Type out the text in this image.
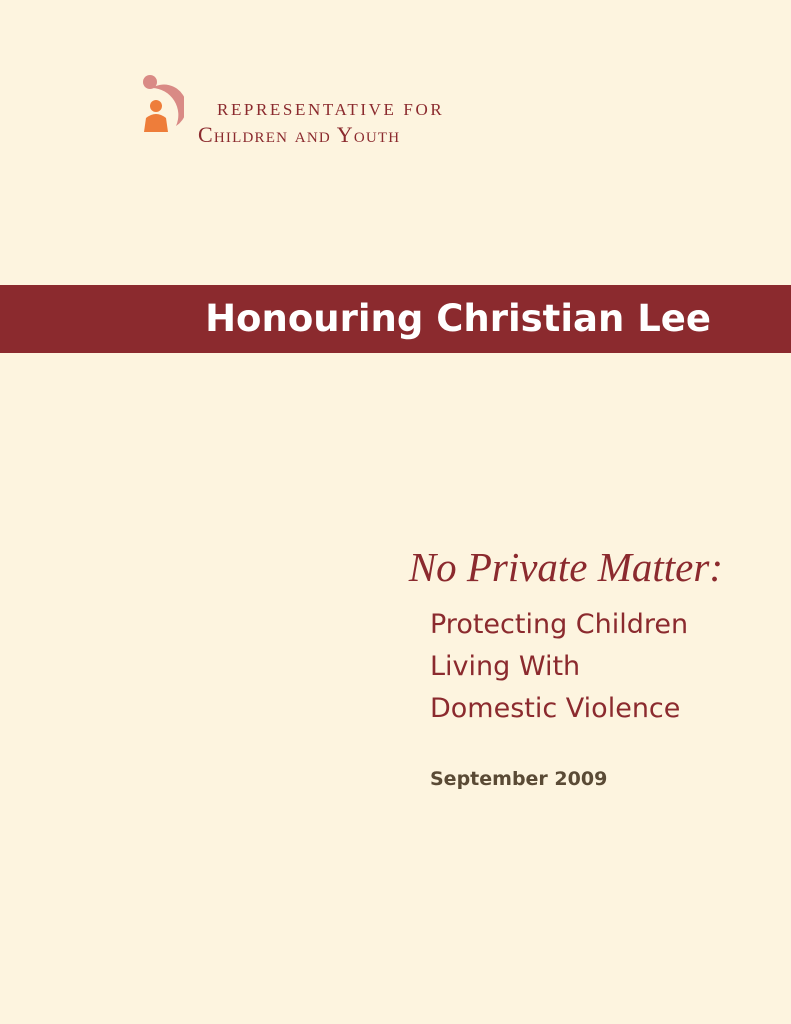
REPRESENTATIVE FOR
Children and Youth
Honouring Christian Lee
No Private Matter:
Protecting Children
Living With
Domestic Violence
September 2009
